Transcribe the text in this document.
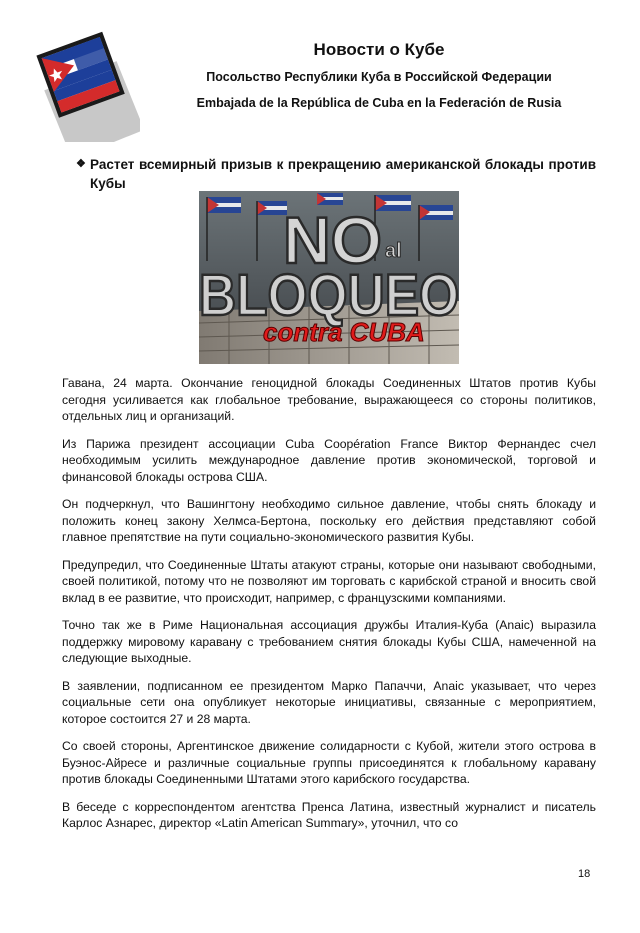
Новости о Кубе
Посольство Республики Куба в Российской Федерации
Embajada de la República de Cuba en la Federación de Rusia
❖ Растет всемирный призыв к прекращению американской блокады против Кубы
NO al
BLOQUEO
contra CUBA

Гавана, 24 марта. Окончание геноцидной блокады Соединенных Штатов против Кубы сегодня усиливается как глобальное требование, выражающееся со стороны политиков, отдельных лиц и организаций.

Из Парижа президент ассоциации Cuba Coopération France Виктор Фернандес счел необходимым усилить международное давление против экономической, торговой и финансовой блокады острова США.

Он подчеркнул, что Вашингтону необходимо сильное давление, чтобы снять блокаду и положить конец закону Хелмса-Бертона, поскольку его действия представляют собой главное препятствие на пути социально-экономического развития Кубы.

Предупредил, что Соединенные Штаты атакуют страны, которые они называют свободными, своей политикой, потому что не позволяют им торговать с карибской страной и вносить свой вклад в ее развитие, что происходит, например, с французскими компаниями.

Точно так же в Риме Национальная ассоциация дружбы Италия-Куба (Anaic) выразила поддержку мировому каравану с требованием снятия блокады Кубы США, намеченной на следующие выходные.

В заявлении, подписанном ее президентом Марко Папаччи, Anaic указывает, что через социальные сети она опубликует некоторые инициативы, связанные с мероприятием, которое состоится 27 и 28 марта.

Со своей стороны, Аргентинское движение солидарности с Кубой, жители этого острова в Буэнос-Айресе и различные социальные группы присоединятся к глобальному каравану против блокады Соединенными Штатами этого карибского государства.

В беседе с корреспондентом агентства Пренса Латина, известный журналист и писатель Карлос Азнарес, директор «Latin American Summary», уточнил, что со

18
